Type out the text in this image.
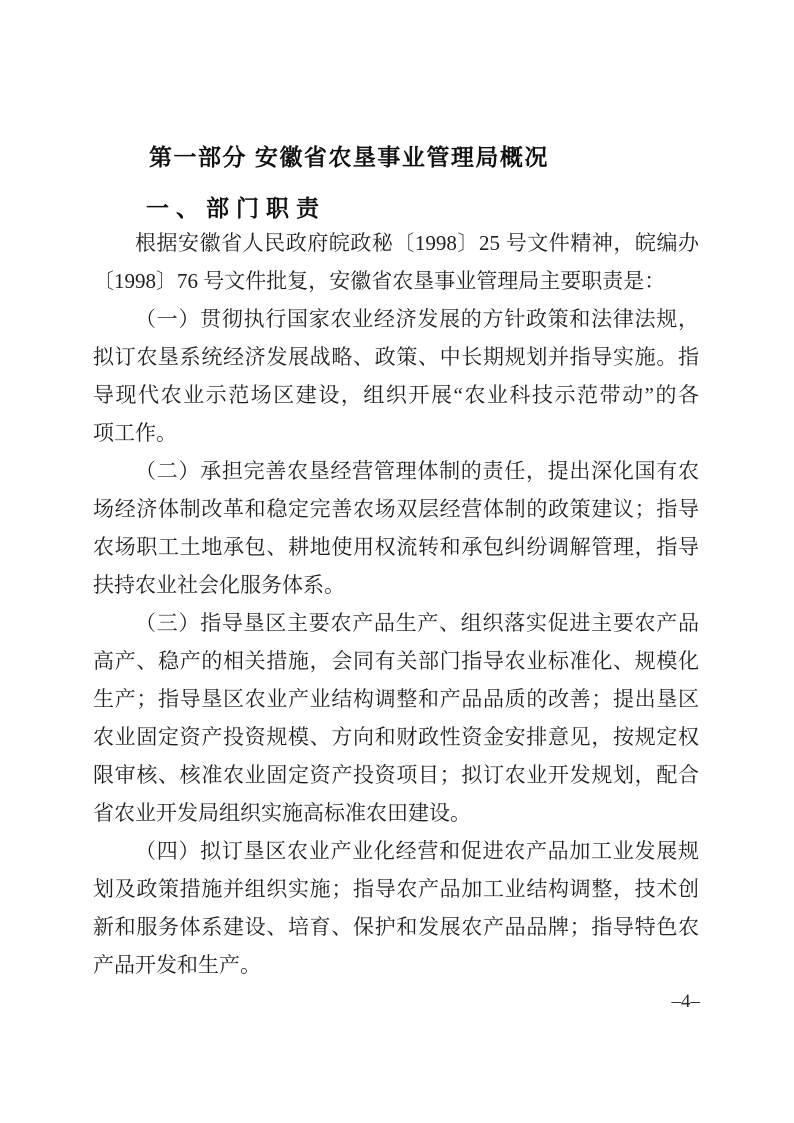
第一部分 安徽省农垦事业管理局概况
一、部门职责
根据安徽省人民政府皖政秘〔1998〕25 号文件精神，皖编办
〔1998〕76 号文件批复，安徽省农垦事业管理局主要职责是：
（一）贯彻执行国家农业经济发展的方针政策和法律法规，
拟订农垦系统经济发展战略、政策、中长期规划并指导实施。指
导现代农业示范场区建设，组织开展“农业科技示范带动”的各
项工作。
（二）承担完善农垦经营管理体制的责任，提出深化国有农
场经济体制改革和稳定完善农场双层经营体制的政策建议；指导
农场职工土地承包、耕地使用权流转和承包纠纷调解管理，指导
扶持农业社会化服务体系。
（三）指导垦区主要农产品生产、组织落实促进主要农产品
高产、稳产的相关措施，会同有关部门指导农业标准化、规模化
生产；指导垦区农业产业结构调整和产品品质的改善；提出垦区
农业固定资产投资规模、方向和财政性资金安排意见，按规定权
限审核、核准农业固定资产投资项目；拟订农业开发规划，配合
省农业开发局组织实施高标准农田建设。
（四）拟订垦区农业产业化经营和促进农产品加工业发展规
划及政策措施并组织实施；指导农产品加工业结构调整，技术创
新和服务体系建设、培育、保护和发展农产品品牌；指导特色农
产品开发和生产。
–4–
